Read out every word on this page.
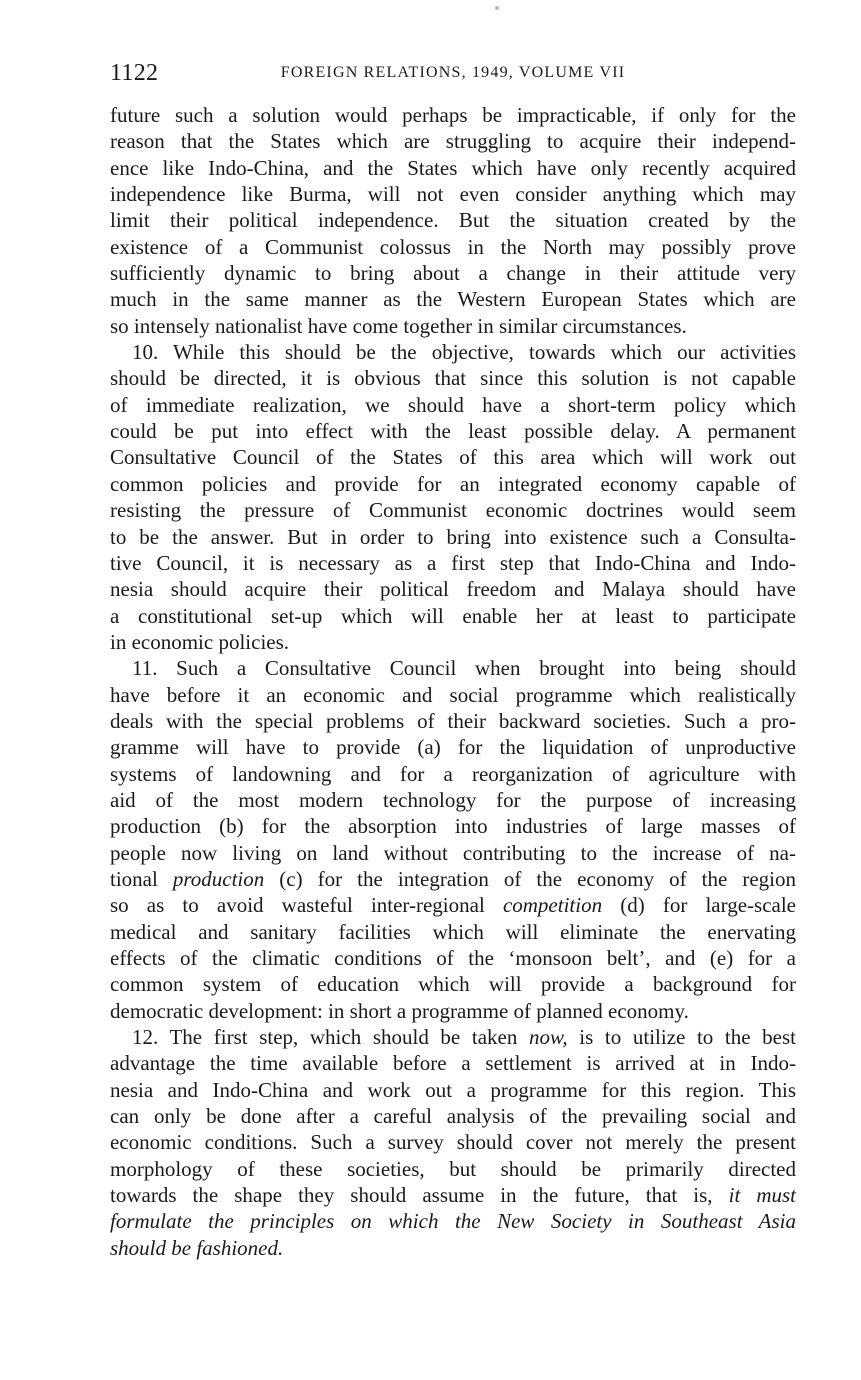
1122	FOREIGN RELATIONS, 1949, VOLUME VII
future such a solution would perhaps be impracticable, if only for the
reason that the States which are struggling to acquire their independ-
ence like Indo-China, and the States which have only recently acquired
independence like Burma, will not even consider anything which may
limit their political independence. But the situation created by the
existence of a Communist colossus in the North may possibly prove
sufficiently dynamic to bring about a change in their attitude very
much in the same manner as the Western European States which are
so intensely nationalist have come together in similar circumstances.
10. While this should be the objective, towards which our activities
should be directed, it is obvious that since this solution is not capable
of immediate realization, we should have a short-term policy which
could be put into effect with the least possible delay. A permanent
Consultative Council of the States of this area which will work out
common policies and provide for an integrated economy capable of
resisting the pressure of Communist economic doctrines would seem
to be the answer. But in order to bring into existence such a Consulta-
tive Council, it is necessary as a first step that Indo-China and Indo-
nesia should acquire their political freedom and Malaya should have
a constitutional set-up which will enable her at least to participate
in economic policies.
11. Such a Consultative Council when brought into being should
have before it an economic and social programme which realistically
deals with the special problems of their backward societies. Such a pro-
gramme will have to provide (a) for the liquidation of unproductive
systems of landowning and for a reorganization of agriculture with
aid of the most modern technology for the purpose of increasing
production (b) for the absorption into industries of large masses of
people now living on land without contributing to the increase of na-
tional production (c) for the integration of the economy of the region
so as to avoid wasteful inter-regional competition (d) for large-scale
medical and sanitary facilities which will eliminate the enervating
effects of the climatic conditions of the ‘monsoon belt’, and (e) for a
common system of education which will provide a background for
democratic development: in short a programme of planned economy.
12. The first step, which should be taken now, is to utilize to the best
advantage the time available before a settlement is arrived at in Indo-
nesia and Indo-China and work out a programme for this region. This
can only be done after a careful analysis of the prevailing social and
economic conditions. Such a survey should cover not merely the present
morphology of these societies, but should be primarily directed
towards the shape they should assume in the future, that is, it must
formulate the principles on which the New Society in Southeast Asia
should be fashioned.
